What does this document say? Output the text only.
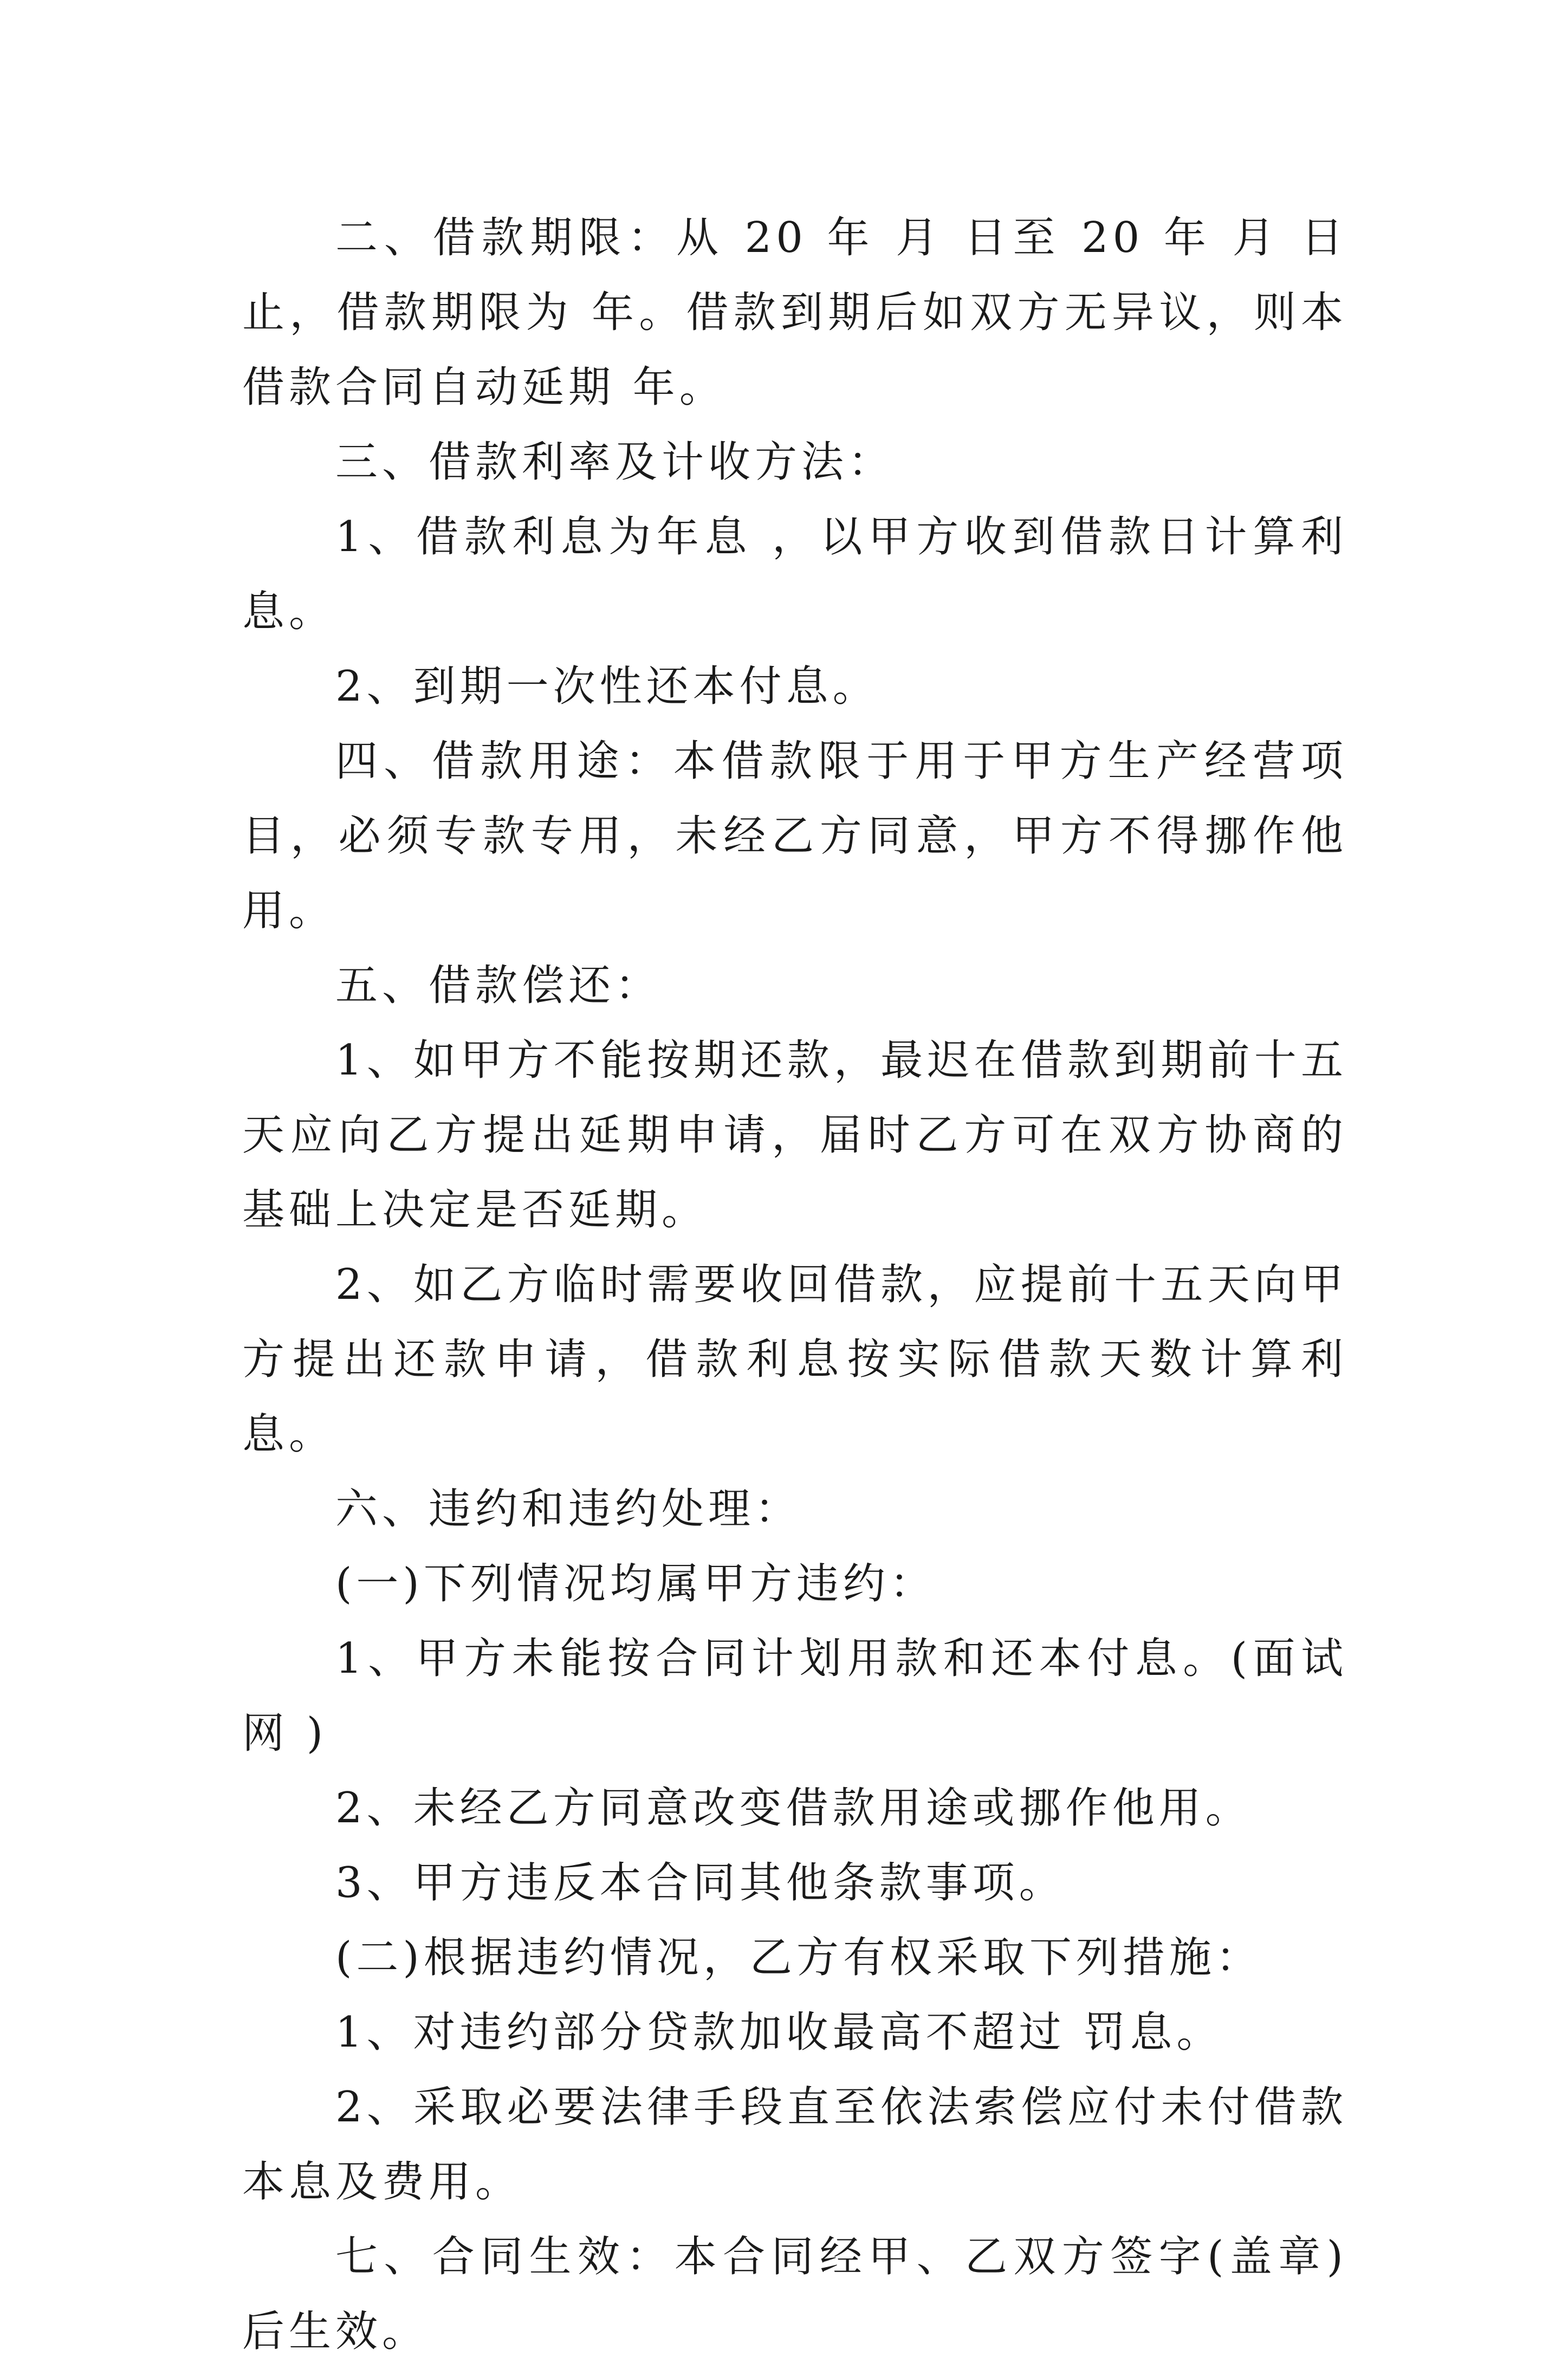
二、借款期限：从 20 年 月 日至 20 年 月 日止，借款期限为 年。借款到期后如双方无异议，则本借款合同自动延期 年。

三、借款利率及计收方法：

1、借款利息为年息 ，以甲方收到借款日计算利息。

2、到期一次性还本付息。

四、借款用途：本借款限于用于甲方生产经营项目，必须专款专用，未经乙方同意，甲方不得挪作他用。

五、借款偿还：

1、如甲方不能按期还款，最迟在借款到期前十五天应向乙方提出延期申请，届时乙方可在双方协商的基础上决定是否延期。

2、如乙方临时需要收回借款，应提前十五天向甲方提出还款申请，借款利息按实际借款天数计算利息。

六、违约和违约处理：

(一)下列情况均属甲方违约：

1、甲方未能按合同计划用款和还本付息。(面试网 )

2、未经乙方同意改变借款用途或挪作他用。

3、甲方违反本合同其他条款事项。

(二)根据违约情况，乙方有权采取下列措施：

1、对违约部分贷款加收最高不超过 罚息。

2、采取必要法律手段直至依法索偿应付未付借款本息及费用。

七、合同生效：本合同经甲、乙双方签字(盖章)后生效。
